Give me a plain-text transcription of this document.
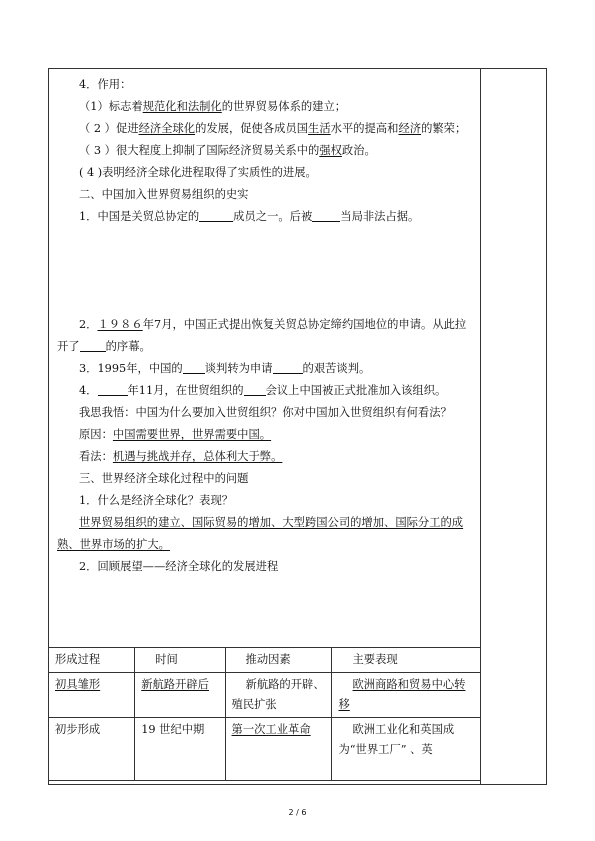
4．作用：

（1）标志着规范化和法制化的世界贸易体系的建立；

（ 2 ）促进经济全球化的发展，促使各成员国生活水平的提高和经济的繁荣；

（ 3 ）很大程度上抑制了国际经济贸易关系中的强权政治。

( 4 )表明经济全球化进程取得了实质性的进展。

二、中国加入世界贸易组织的史实

1．中国是关贸总协定的	成员之一。后被 当局非法占据。

2．１９８６年7月，中国正式提出恢复关贸总协定缔约国地位的申请。从此拉开了 的序幕。

3．1995年，中国的 谈判转为申请	的艰苦谈判。

4．	年11月，在世贸组织的 会议上中国被正式批准加入该组织。

我思我悟：中国为什么要加入世贸组织？你对中国加入世贸组织有何看法？

原因：中国需要世界，世界需要中国。

看法：机遇与挑战并存，总体利大于弊。

三、世界经济全球化过程中的问题

1．什么是经济全球化？表现？

世界贸易组织的建立、国际贸易的增加、大型跨国公司的增加、国际分工的成熟、世界市场的扩大。

2．回顾展望——经济全球化的发展进程

形成过程	时间	推动因素	主要表现
初具雏形	新航路开辟后	新航路的开辟、殖民扩张	欧洲商路和贸易中心转移
初步形成	19 世纪中期	第一次工业革命	欧洲工业化和英国成为“世界工厂” 、英
2 / 6
